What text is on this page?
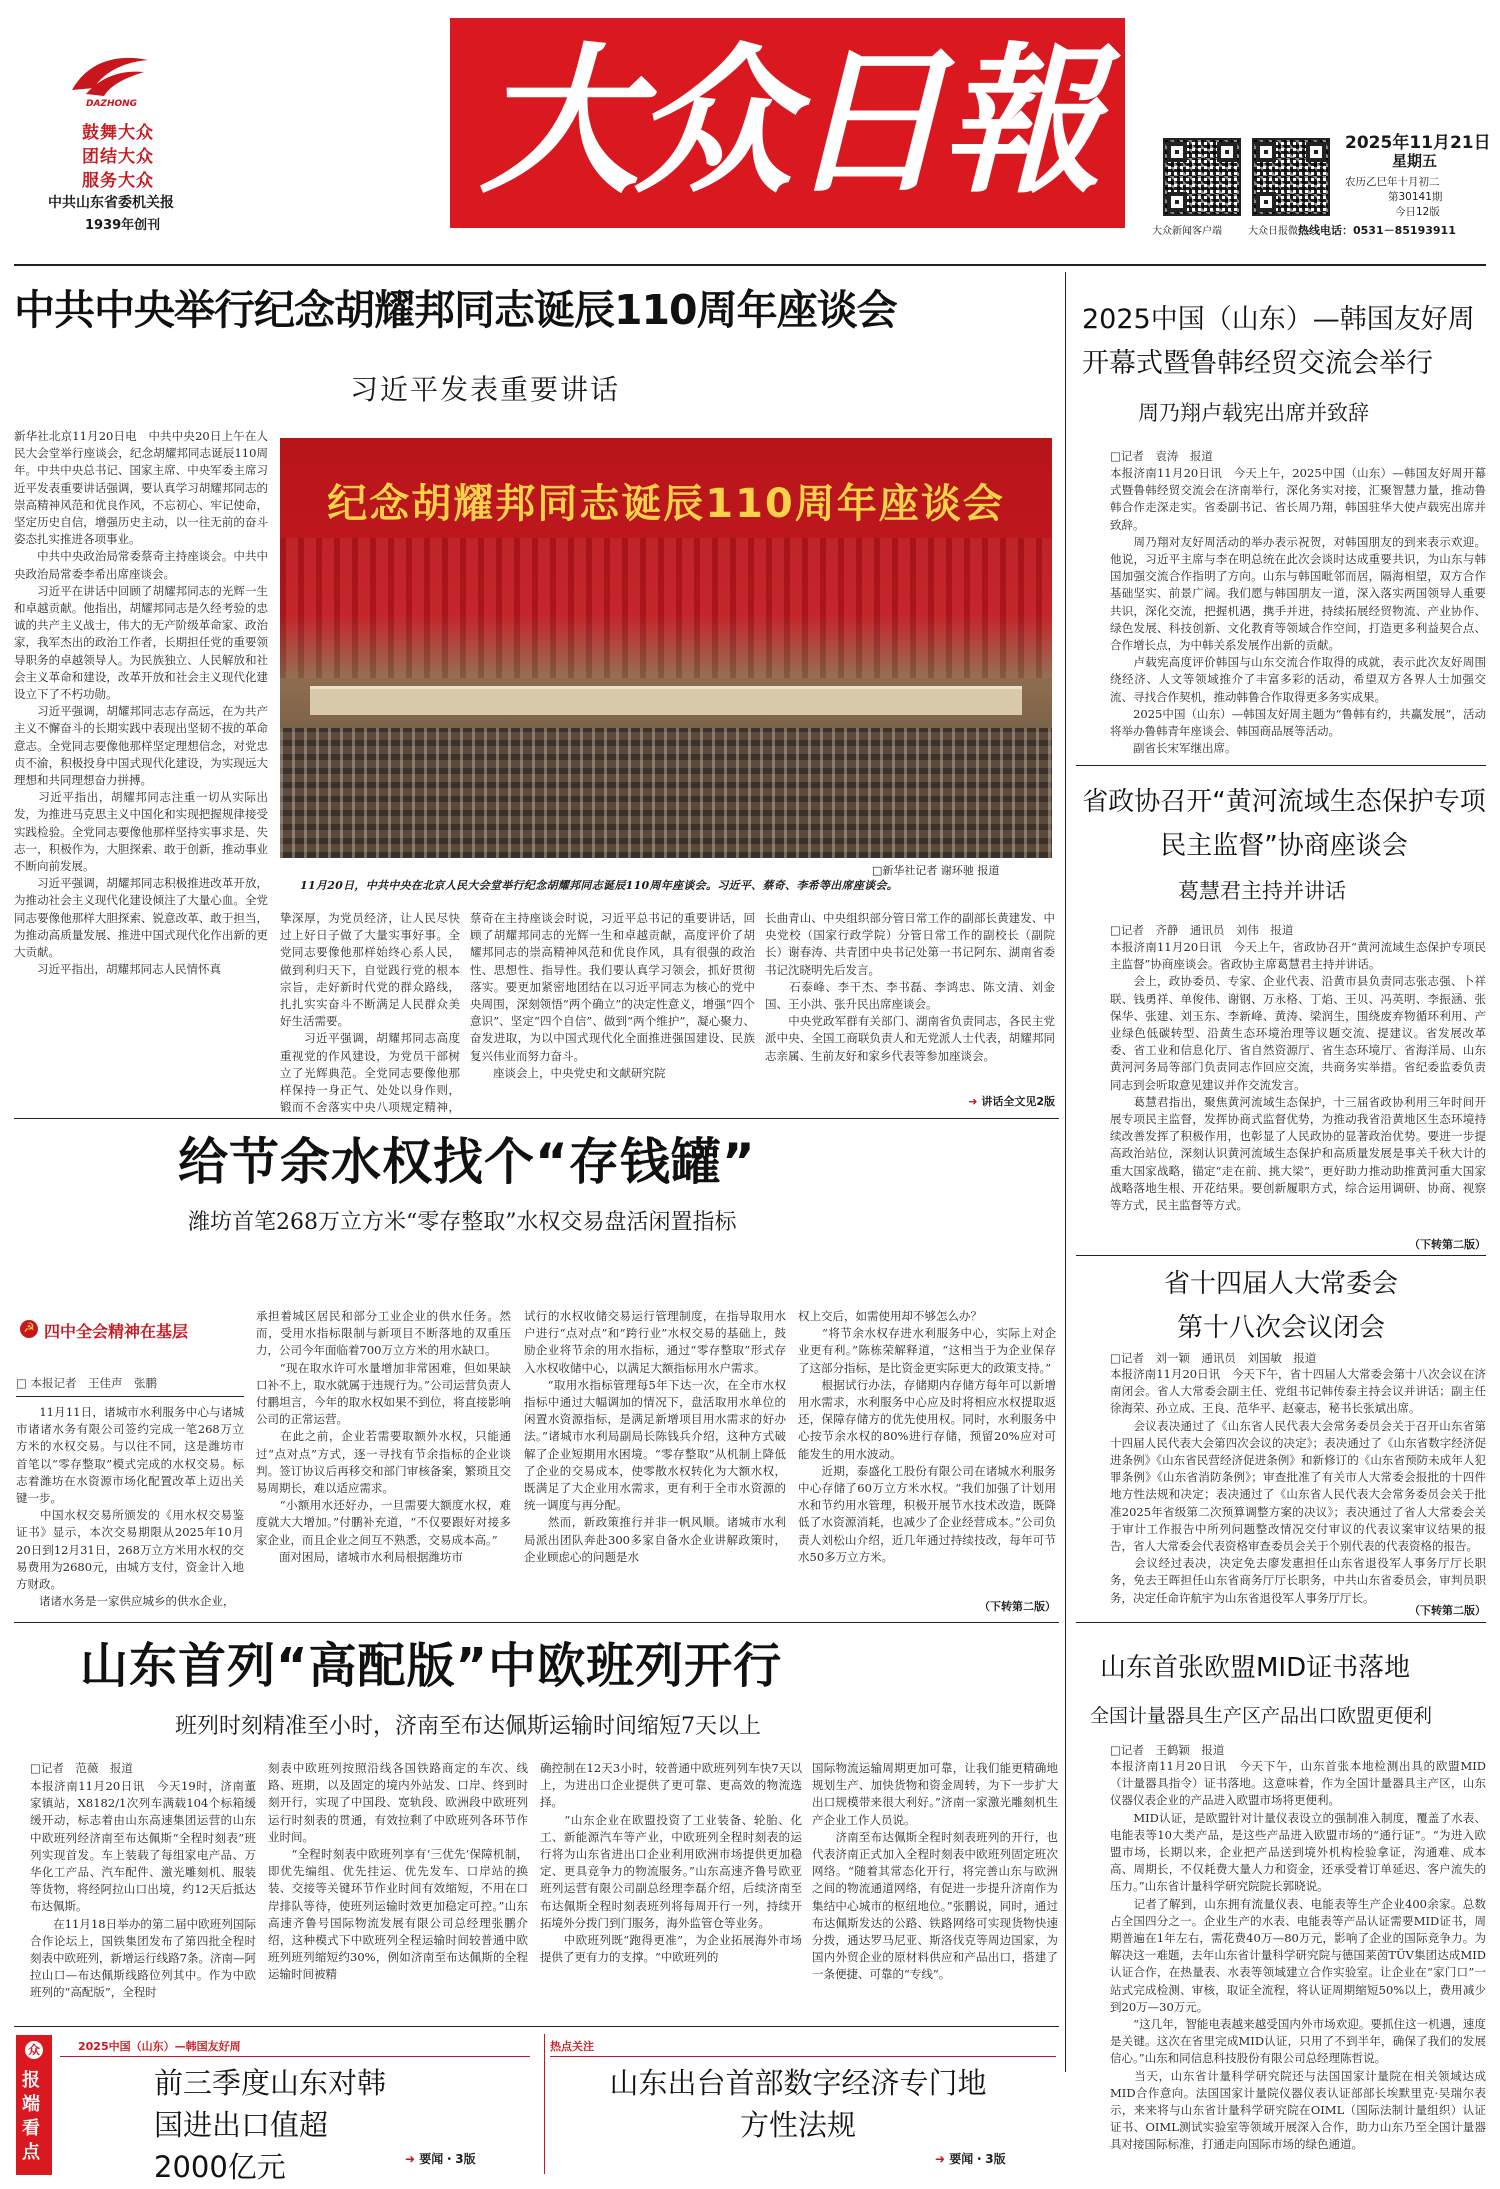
DAZHONG
鼓舞大众
团结大众
服务大众
中共山东省委机关报
1939年创刊
大众日報
大众新闻客户端	大众日报微信
2025年11月21日
星期五
农历乙巳年十月初二
第30141期
今日12版
热线电话：0531－85193911
中共中央举行纪念胡耀邦同志诞辰110周年座谈会
习近平发表重要讲话
新华社北京11月20日电　中共中央20日上午在人民大会堂举行座谈会，纪念胡耀邦同志诞辰110周年。中共中央总书记、国家主席、中央军委主席习近平发表重要讲话强调，要认真学习胡耀邦同志的崇高精神风范和优良作风，不忘初心、牢记使命，坚定历史自信，增强历史主动，以一往无前的奋斗姿态扎实推进各项事业。
　　中共中央政治局常委蔡奇主持座谈会。中共中央政治局常委李希出席座谈会。
　　习近平在讲话中回顾了胡耀邦同志的光辉一生和卓越贡献。他指出，胡耀邦同志是久经考验的忠诚的共产主义战士，伟大的无产阶级革命家、政治家，我军杰出的政治工作者，长期担任党的重要领导职务的卓越领导人。为民族独立、人民解放和社会主义革命和建设，改革开放和社会主义现代化建设立下了不朽功勋。
　　习近平强调，胡耀邦同志志存高远，在为共产主义不懈奋斗的长期实践中表现出坚韧不拔的革命意志。全党同志要像他那样坚定理想信念，对党忠贞不渝，积极投身中国式现代化建设，为实现远大理想和共同理想奋力拼搏。
　　习近平指出，胡耀邦同志注重一切从实际出发，为推进马克思主义中国化和实现把握规律接受实践检验。全党同志要像他那样坚持实事求是、失志一，积极作为，大胆探索、敢于创新，推动事业不断向前发展。
　　习近平强调，胡耀邦同志积极推进改革开放，为推动社会主义现代化建设倾注了大量心血。全党同志要像他那样大胆探索、锐意改革、敢于担当，为推动高质量发展、推进中国式现代化作出新的更大贡献。
　　习近平指出，胡耀邦同志人民情怀真
纪念胡耀邦同志诞辰110周年座谈会
□新华社记者 谢环驰 报道
11月20日，中共中央在北京人民大会堂举行纪念胡耀邦同志诞辰110周年座谈会。习近平、蔡奇、李希等出席座谈会。
挚深厚，为党员经济，让人民尽快过上好日子做了大量实事好事。全党同志要像他那样始终心系人民，做到利归天下，自觉践行党的根本宗旨，走好新时代党的群众路线，扎扎实实奋斗不断满足人民群众美好生活需要。
　　习近平强调，胡耀邦同志高度重视党的作风建设，为党员干部树立了光辉典范。全党同志要像他那样保持一身正气、处处以身作则，锻而不舍落实中央八项规定精神，
蔡奇在主持座谈会时说，习近平总书记的重要讲话，回顾了胡耀邦同志的光辉一生和卓越贡献，高度评价了胡耀邦同志的崇高精神风范和优良作风，具有很强的政治性、思想性、指导性。我们要认真学习领会，抓好贯彻落实。要更加紧密地团结在以习近平同志为核心的党中央周围，深刻领悟“两个确立”的决定性意义，增强“四个意识”、坚定“四个自信”、做到“两个维护”，凝心聚力、奋发进取，为以中国式现代化全面推进强国建设、民族复兴伟业而努力奋斗。
　　座谈会上，中央党史和文献研究院
长曲青山、中央组织部分管日常工作的副部长黄建发、中央党校（国家行政学院）分管日常工作的副校长（副院长）谢春涛、共青团中央书记处第一书记阿东、湖南省委书记沈晓明先后发言。
　　石泰峰、李干杰、李书磊、李鸿忠、陈文清、刘金国、王小洪、张升民出席座谈会。
　　中央党政军群有关部门、湖南省负责同志，各民主党派中央、全国工商联负责人和无党派人士代表，胡耀邦同志亲属、生前友好和家乡代表等参加座谈会。
➜ 讲话全文见2版
给节余水权找个“存钱罐”
潍坊首笔268万立方米“零存整取”水权交易盘活闲置指标
☭ 四中全会精神在基层
□ 本报记者　王佳声　张鹏
　　11月11日，诸城市水利服务中心与诸城市诸诸水务有限公司签约完成一笔268万立方米的水权交易。与以往不同，这是潍坊市首笔以“零存整取”模式完成的水权交易。标志着潍坊在水资源市场化配置改革上迈出关键一步。
　　中国水权交易所颁发的《用水权交易鉴证书》显示，本次交易期限从2025年10月20日到12月31日，268万立方米用水权的交易费用为2680元，由城方支付，资金计入地方财政。
　　诸诸水务是一家供应城乡的供水企业，
承担着城区居民和部分工业企业的供水任务。然而，受用水指标限制与新项目不断落地的双重压力，公司今年面临着700万立方米的用水缺口。
　　“现在取水许可水量增加非常困难，但如果缺口补不上，取水就属于违规行为。”公司运营负责人付鹏坦言，今年的取水权如果不到位，将直接影响公司的正常运营。
　　在此之前，企业若需要取额外水权，只能通过“点对点”方式，逐一寻找有节余指标的企业谈判。签订协议后再移交和部门审核备案，繁琐且交易周期长，难以适应需求。
　　“小额用水还好办，一旦需要大额度水权，难度就大大增加。”付鹏补充道，“不仅要跟好对接多家企业，而且企业之间互不熟悉，交易成本高。”
　　面对困局，诸城市水利局根据潍坊市
试行的水权收储交易运行管理制度，在指导取用水户进行“点对点”和“跨行业”水权交易的基础上，鼓励企业将节余的用水指标，通过“零存整取”形式存入水权收储中心，以满足大额指标用水户需求。
　　“取用水指标管理每5年下达一次，在全市水权指标中通过大幅调加的情况下，盘活取用水单位的闲置水资源指标，是满足新增项目用水需求的好办法。”诸城市水利局副局长陈钱兵介绍，这种方式破解了企业短期用水困境。“零存整取”从机制上降低了企业的交易成本，使零散水权转化为大额水权，既满足了大企业用水需求，更有利于全市水资源的统一调度与再分配。
　　然而，新政策推行并非一帆风顺。诸城市水利局派出团队奔赴300多家自备水企业讲解政策时，企业顾虑心的问题是水
权上交后，如需使用却不够怎么办？
　　“将节余水权存进水利服务中心，实际上对企业更有利。”陈栋荣解释道，“这相当于为企业保存了这部分指标，是比资金更实际更大的政策支持。”
　　根据试行办法，存储期内存储方每年可以新增用水需求，水利服务中心应及时将相应水权提取返还，保障存储方的优先使用权。同时，水利服务中心按节余水权的80%进行存储，预留20%应对可能发生的用水波动。
　　近期，泰盛化工股份有限公司在诸城水利服务中心存储了60万立方米水权。“我们加强了计划用水和节约用水管理，积极开展节水技术改造，既降低了水资源消耗，也减少了企业经营成本。”公司负责人刘松山介绍，近几年通过持续技改，每年可节水50多万立方米。
（下转第二版）
山东首列“高配版”中欧班列开行
班列时刻精准至小时，济南至布达佩斯运输时间缩短7天以上
□记者　范薇　报道
本报济南11月20日讯　今天19时，济南董家镇站，X8182/1次列车满载104个标箱缓缓开动，标志着由山东高速集团运营的山东中欧班列经济南至布达佩斯“全程时刻表”班列实现首发。车上装载了每组家电产品、万华化工产品、汽车配件、激光雕刻机、服装等货物，将经阿拉山口出境，约12天后抵达布达佩斯。
　　在11月18日举办的第二届中欧班列国际合作论坛上，国铁集团发布了第四批全程时刻表中欧班列，新增运行线路7条。济南—阿拉山口—布达佩斯线路位列其中。作为中欧班列的“高配版”，全程时
刻表中欧班列按照沿线各国铁路商定的车次、线路、班期，以及固定的境内外站发、口岸、终到时刻开行，实现了中国段、宽轨段、欧洲段中欧班列运行时刻表的贯通，有效拉剩了中欧班列各环节作业时间。
　　“全程时刻表中欧班列享有‘三优先’保障机制，即优先编组、优先挂运、优先发车、口岸站的换装、交接等关键环节作业时间有效缩短，不用在口岸排队等待，使班列运输时效更加稳定可控。”山东高速齐鲁号国际物流发展有限公司总经理张鹏介绍，这种模式下中欧班列全程运输时间较普通中欧班列班列缩短约30%，例如济南至布达佩斯的全程运输时间被精
确控制在12天3小时，较普通中欧班列列车快7天以上，为进出口企业提供了更可靠、更高效的物流选择。
　　“山东企业在欧盟投资了工业装备、轮胎、化工、新能源汽车等产业，中欧班列全程时刻表的运行将为山东省进出口企业利用欧洲市场提供更加稳定、更具竞争力的物流服务。”山东高速齐鲁号欧亚班列运营有限公司副总经理李磊介绍，后续济南至布达佩斯全程时刻表班列将每周开行一列，持续开拓境外分拨门到门服务，海外监管仓等业务。
　　中欧班列既“跑得更准”，为企业拓展海外市场提供了更有力的支撑。“中欧班列的
国际物流运输周期更加可靠，让我们能更精确地规划生产、加快货物和资金周转，为下一步扩大出口规模带来很大利好。”济南一家激光雕刻机生产企业工作人员说。
　　济南至布达佩斯全程时刻表班列的开行，也代表济南正式加入全程时刻表中欧班列固定班次网络。“随着其常态化开行，将完善山东与欧洲之间的物流通道网络，有促进一步提升济南作为集结中心城市的枢纽地位。”张鹏说，同时，通过布达佩斯发达的公路、铁路网络可实现货物快速分拨，通达罗马尼亚、斯洛伐克等周边国家，为国内外贸企业的原材料供应和产品出口，搭建了一条便捷、可靠的“专线”。
2025中国（山东）—韩国友好周开幕式暨鲁韩经贸交流会举行
周乃翔卢载宪出席并致辞
□记者　袁涛　报道
本报济南11月20日讯　今天上午，2025中国（山东）—韩国友好周开幕式暨鲁韩经贸交流会在济南举行，深化务实对接，汇聚智慧力量，推动鲁韩合作走深走实。省委副书记、省长周乃翔，韩国驻华大使卢载宪出席并致辞。
　　周乃翔对友好周活动的举办表示祝贺，对韩国朋友的到来表示欢迎。他说，习近平主席与李在明总统在此次会谈时达成重要共识，为山东与韩国加强交流合作指明了方向。山东与韩国毗邻而居，隔海相望，双方合作基础坚实、前景广阔。我们愿与韩国朋友一道，深入落实两国领导人重要共识，深化交流，把握机遇，携手并进，持续拓展经贸物流、产业协作、绿色发展、科技创新、文化教育等领域合作空间，打造更多利益契合点、合作增长点，为中韩关系发展作出新的贡献。
　　卢载宪高度评价韩国与山东交流合作取得的成就，表示此次友好周围绕经济、人文等领域推介了丰富多彩的活动，希望双方各界人士加强交流、寻找合作契机，推动韩鲁合作取得更多务实成果。
　　2025中国（山东）—韩国友好周主题为“鲁韩有约，共赢发展”，活动将举办鲁韩青年座谈会、韩国商品展等活动。
　　副省长宋军继出席。
省政协召开“黄河流域生态保护专项民主监督”协商座谈会
葛慧君主持并讲话
□记者　齐静　通讯员　刘伟　报道
本报济南11月20日讯　今天上午，省政协召开“黄河流域生态保护专项民主监督”协商座谈会。省政协主席葛慧君主持并讲话。
　　会上，政协委员、专家、企业代表、沿黄市县负责同志张志强、卜祥联、钱勇祥、单俊伟、谢钢、万永格、丁焰、王贝、冯英明、李振涵、张保华、张建、刘玉东、李新峰、黄涛、梁润生，围绕废弃物循环利用、产业绿色低碳转型、沿黄生态环境治理等议题交流、提建议。省发展改革委、省工业和信息化厅、省自然资源厅、省生态环境厅、省海洋局、山东黄河河务局等部门负责同志作回应交流，共商务实举措。省纪委监委负责同志到会听取意见建议并作交流发言。
　　葛慧君指出，聚焦黄河流域生态保护，十三届省政协利用三年时间开展专项民主监督，发挥协商式监督优势，为推动我省沿黄地区生态环境持续改善发挥了积极作用，也彰显了人民政协的显著政治优势。要进一步提高政治站位，深刻认识黄河流域生态保护和高质量发展是事关千秋大计的重大国家战略，锚定“走在前、挑大梁”，更好助力推动助推黄河重大国家战略落地生根、开花结果。要创新履职方式，综合运用调研、协商、视察等方式，民主监督等方式。
（下转第二版）
省十四届人大常委会第十八次会议闭会
□记者　刘一颖　通讯员　刘国敏　报道
本报济南11月20日讯　今天下午，省十四届人大常委会第十八次会议在济南闭会。省人大常委会副主任、党组书记韩传泰主持会议并讲话；副主任徐海荣、孙立成、王良、范华平、赵豪志，秘书长张斌出席。
　　会议表决通过了《山东省人民代表大会常务委员会关于召开山东省第十四届人民代表大会第四次会议的决定》；表决通过了《山东省数字经济促进条例》《山东省民营经济促进条例》和新修订的《山东省预防未成年人犯罪条例》《山东省消防条例》；审查批准了有关市人大常委会报批的十四件地方性法规和决定；表决通过了《山东省人民代表大会常务委员会关于批准2025年省级第二次预算调整方案的决议》；表决通过了省人大常委会关于审计工作报告中所列问题整改情况交付审议的代表议案审议结果的报告，省人大常委会代表资格审查委员会关于个别代表的代表资格的报告。
　　会议经过表决，决定免去廖发惠担任山东省退役军人事务厅厅长职务，免去王晖担任山东省商务厅厅长职务，中共山东省委员会，审判员职务，决定任命许航宇为山东省退役军人事务厅厅长。
（下转第二版）
山东首张欧盟MID证书落地
全国计量器具生产区产品出口欧盟更便利
□记者　王鹤颖　报道
本报济南11月20日讯　今天下午，山东首张本地检测出具的欧盟MID（计量器具指令）证书落地。这意味着，作为全国计量器具主产区，山东仪器仪表企业的产品进入欧盟市场将更便利。
　　MID认证，是欧盟针对计量仪表设立的强制准入制度，覆盖了水表、电能表等10大类产品，是这些产品进入欧盟市场的“通行证”。“为进入欧盟市场，长期以来，企业把产品送到境外机构检验拿证，沟通难、成本高、周期长，不仅耗费大量人力和资金，还承受着订单延迟、客户流失的压力。”山东省计量科学研究院院长郭晓说。
　　记者了解到，山东拥有流量仪表、电能表等生产企业400余家。总数占全国四分之一。企业生产的水表、电能表等产品认证需要MID证书，周期普遍在1年左右，需花费40万—80万元，影响了企业的国际竞争力。为解决这一难题，去年山东省计量科学研究院与德国莱茵TÜV集团达成MID认证合作，在热量表、水表等领域建立合作实验室。让企业在“家门口”一站式完成检测、审核，取证全流程，将认证周期缩短50%以上，费用减少到20万—30万元。
　　“这几年，智能电表越来越受国内外市场欢迎。要抓住这一机遇，速度是关键。这次在省里完成MID认证，只用了不到半年，确保了我们的发展信心。”山东和同信息科技股份有限公司总经理陈哲说。
　　当天，山东省计量科学研究院还与法国国家计量院在相关领域达成MID合作意向。法国国家计量院仪器仪表认证部部长埃默里克·吴瑞尔表示，来来将与山东省计量科学研究院在OIML（国际法制计量组织）认证证书、OIML测试实验室等领域开展深入合作，助力山东乃至全国计量器具对接国际标准，打通走向国际市场的绿色通道。
众
报端看点
2025中国（山东）—韩国友好周
前三季度山东对韩国进出口值超2000亿元	➜ 要闻・3版
热点关注
山东出台首部数字经济专门地方性法规
➜ 要闻・3版
